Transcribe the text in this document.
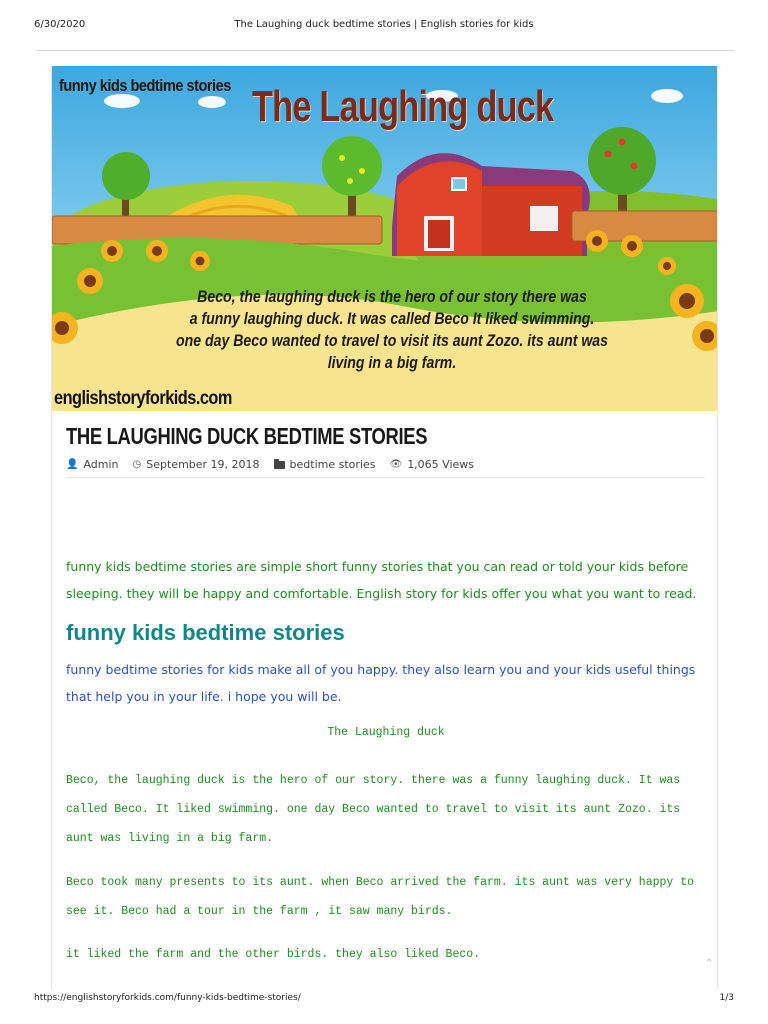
6/30/2020	The Laughing duck bedtime stories | English stories for kids
funny kids bedtime stories The Laughing duck
Beco, the laughing duck is the hero of our story there was
a funny laughing duck. It was called Beco It liked swimming.
one day Beco wanted to travel to visit its aunt Zozo. its aunt was living in a big farm.
englishstoryforkids.com
THE LAUGHING DUCK BEDTIME STORIES
👤 Admin ◷ September 19, 2018	bedtime stories 👁 1,065 Views

funny kids bedtime stories are simple short funny stories that you can read or told your kids before sleeping. they will be happy and comfortable. English story for kids offer you what you want to read.

funny kids bedtime stories

funny bedtime stories for kids make all of you happy. they also learn you and your kids useful things that help you in your life. i hope you will be.

The Laughing duck

Beco, the laughing duck is the hero of our story. there was a funny laughing duck. It was called Beco. It liked swimming. one day Beco wanted to travel to visit its aunt Zozo. its aunt was living in a big farm.

Beco took many presents to its aunt. when Beco arrived the farm. its aunt was very happy to see it. Beco had a tour in the farm , it saw many birds.

it liked the farm and the other birds. they also liked Beco.

⌃
https://englishstoryforkids.com/funny-kids-bedtime-stories/	1/3
